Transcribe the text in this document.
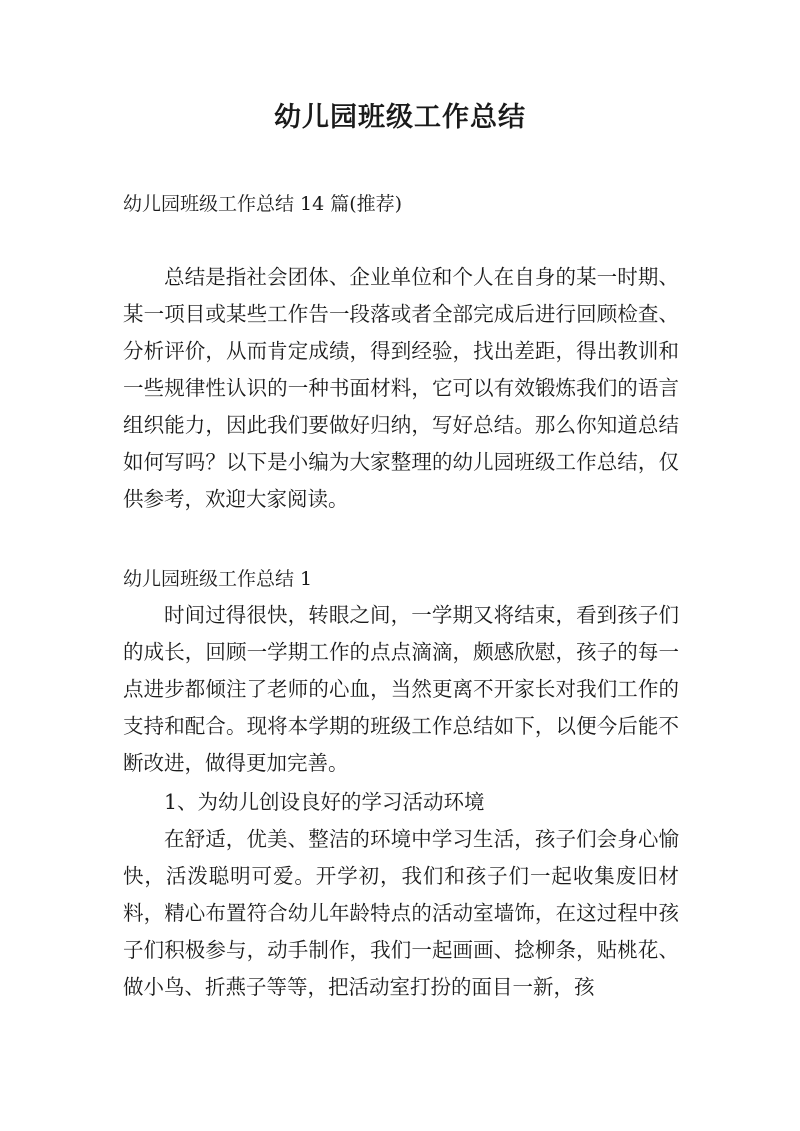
幼儿园班级工作总结

幼儿园班级工作总结 14 篇(推荐)

总结是指社会团体、企业单位和个人在自身的某一时期、某一项目或某些工作告一段落或者全部完成后进行回顾检查、分析评价，从而肯定成绩，得到经验，找出差距，得出教训和一些规律性认识的一种书面材料，它可以有效锻炼我们的语言组织能力，因此我们要做好归纳，写好总结。那么你知道总结如何写吗？以下是小编为大家整理的幼儿园班级工作总结，仅供参考，欢迎大家阅读。

幼儿园班级工作总结 1

时间过得很快，转眼之间，一学期又将结束，看到孩子们的成长，回顾一学期工作的点点滴滴，颇感欣慰，孩子的每一点进步都倾注了老师的心血，当然更离不开家长对我们工作的支持和配合。现将本学期的班级工作总结如下，以便今后能不断改进，做得更加完善。

1、为幼儿创设良好的学习活动环境

在舒适，优美、整洁的环境中学习生活，孩子们会身心愉快，活泼聪明可爱。开学初，我们和孩子们一起收集废旧材料，精心布置符合幼儿年龄特点的活动室墙饰，在这过程中孩子们积极参与，动手制作，我们一起画画、捻柳条，贴桃花、做小鸟、折燕子等等，把活动室打扮的面目一新，孩
